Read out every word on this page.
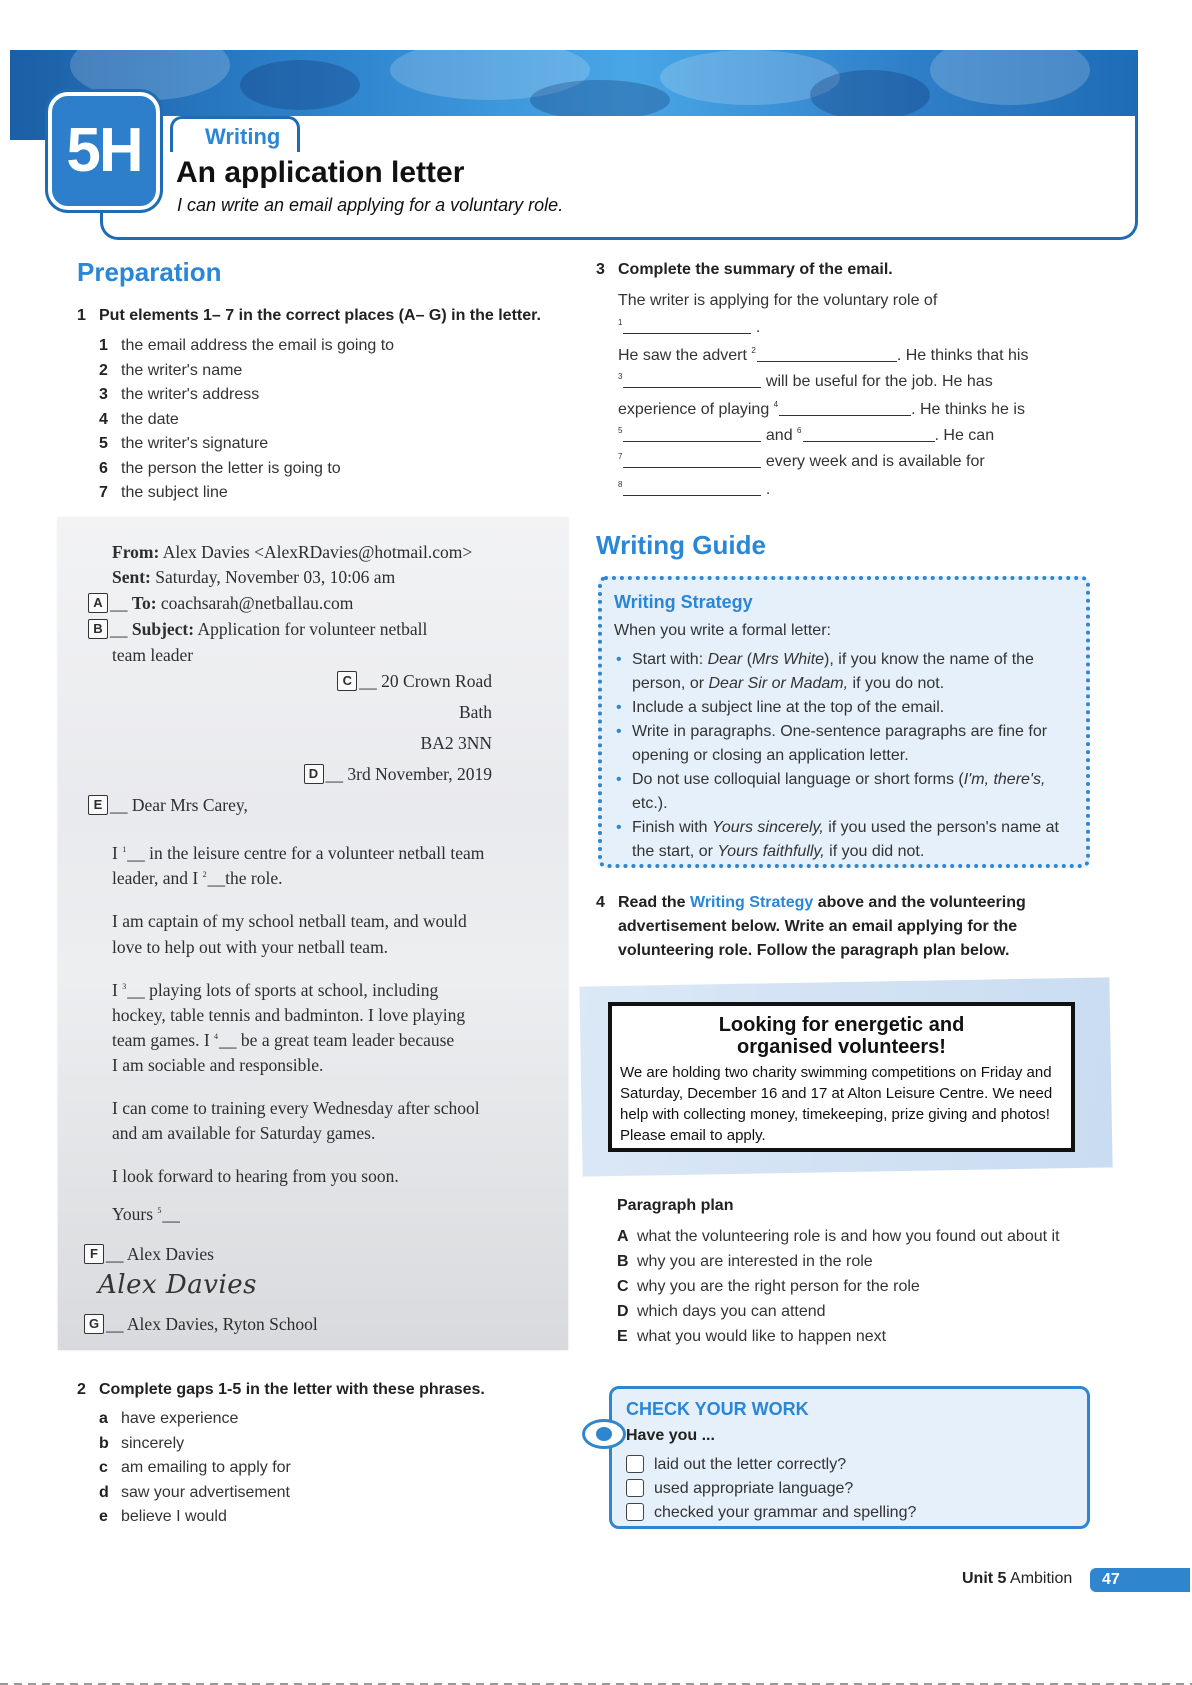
5H	Writing
An application letter
I can write an email applying for a voluntary role.
Preparation
1 Put elements 1– 7 in the correct places (A– G) in the letter.
1 the email address the email is going to
2 the writer's name
3 the writer's address
4 the date
5 the writer's signature
6 the person the letter is going to
7 the subject line
From: Alex Davies <AlexRDavies@hotmail.com>
Sent: Saturday, November 03, 10:06 am
A __ To: coachsarah@netballau.com
B __ Subject: Application for volunteer netball
team leader
C __ 20 Crown Road
Bath
BA2 3NN
D __ 3rd November, 2019
E __ Dear Mrs Carey,
I $^1$__ in the leisure centre for a volunteer netball team
leader, and I $^2$__the role.
I am captain of my school netball team, and would
love to help out with your netball team.
I $^3$__ playing lots of sports at school, including
hockey, table tennis and badminton. I love playing
team games. I $^4$__ be a great team leader because
I am sociable and responsible.
I can come to training every Wednesday after school
and am available for Saturday games.
I look forward to hearing from you soon.
Yours $^5$__
F __ Alex Davies
Alex Davies
G __ Alex Davies, Ryton School
2 Complete gaps 1-5 in the letter with these phrases.
a have experience
b sincerely
c am emailing to apply for
d saw your advertisement
e believe I would
3 Complete the summary of the email.
The writer is applying for the voluntary role of
$^1$	.
He saw the advert $^2$	. He thinks that his
$^3$	will be useful for the job. He has
experience of playing $^4$	. He thinks he is
$^5$	and $^6$	. He can
$^7$	every week and is available for
$^8$	.
Writing Guide
Writing Strategy
When you write a formal letter:
• Start with: Dear (Mrs White), if you know the name of the person, or Dear Sir or Madam, if you do not.
• Include a subject line at the top of the email.
• Write in paragraphs. One-sentence paragraphs are fine for opening or closing an application letter.
• Do not use colloquial language or short forms (I'm, there's, etc.).
• Finish with Yours sincerely, if you used the person's name at the start, or Yours faithfully, if you did not.
4 Read the Writing Strategy above and the volunteering
advertisement below. Write an email applying for the
volunteering role. Follow the paragraph plan below.
Looking for energetic and
organised volunteers!
We are holding two charity swimming competitions on Friday and Saturday, December 16 and 17 at Alton Leisure Centre. We need help with collecting money, timekeeping, prize giving and photos! Please email to apply.
Paragraph plan
A what the volunteering role is and how you found out about it
B why you are interested in the role
C why you are the right person for the role
D which days you can attend
E what you would like to happen next
CHECK YOUR WORK
Have you ...
laid out the letter correctly?
used appropriate language?
checked your grammar and spelling?
Unit 5 Ambition	47
